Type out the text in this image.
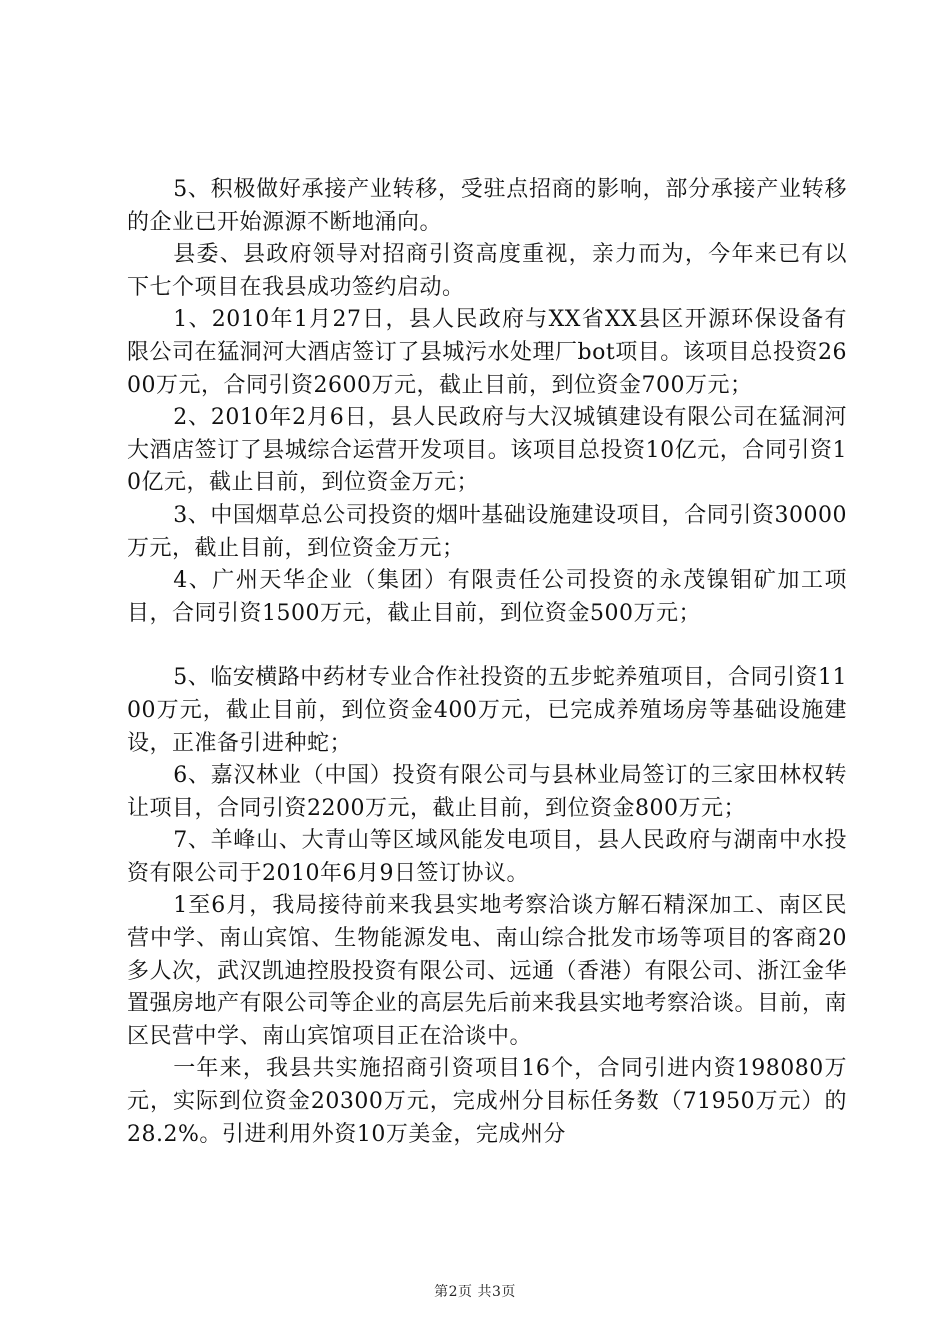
5、积极做好承接产业转移，受驻点招商的影响，部分承接产业转移的企业已开始源源不断地涌向。

县委、县政府领导对招商引资高度重视，亲力而为，今年来已有以下七个项目在我县成功签约启动。

1、2010年1月27日，县人民政府与XX省XX县区开源环保设备有限公司在猛洞河大酒店签订了县城污水处理厂bot项目。该项目总投资2600万元，合同引资2600万元，截止目前，到位资金700万元；

2、2010年2月6日，县人民政府与大汉城镇建设有限公司在猛洞河大酒店签订了县城综合运营开发项目。该项目总投资10亿元，合同引资10亿元，截止目前，到位资金万元；

3、中国烟草总公司投资的烟叶基础设施建设项目，合同引资30000万元，截止目前，到位资金万元；

4、广州天华企业（集团）有限责任公司投资的永茂镍钼矿加工项目，合同引资1500万元，截止目前，到位资金500万元；

5、临安横路中药材专业合作社投资的五步蛇养殖项目，合同引资1100万元，截止目前，到位资金400万元，已完成养殖场房等基础设施建设，正准备引进种蛇；

6、嘉汉林业（中国）投资有限公司与县林业局签订的三家田林权转让项目，合同引资2200万元，截止目前，到位资金800万元；

7、羊峰山、大青山等区域风能发电项目，县人民政府与湖南中水投资有限公司于2010年6月9日签订协议。

1至6月，我局接待前来我县实地考察洽谈方解石精深加工、南区民营中学、南山宾馆、生物能源发电、南山综合批发市场等项目的客商20多人次，武汉凯迪控股投资有限公司、远通（香港）有限公司、浙江金华置强房地产有限公司等企业的高层先后前来我县实地考察洽谈。目前，南区民营中学、南山宾馆项目正在洽谈中。

一年来，我县共实施招商引资项目16个，合同引进内资198080万元，实际到位资金20300万元，完成州分目标任务数（71950万元）的28.2%。引进利用外资10万美金，完成州分

第2页 共3页
